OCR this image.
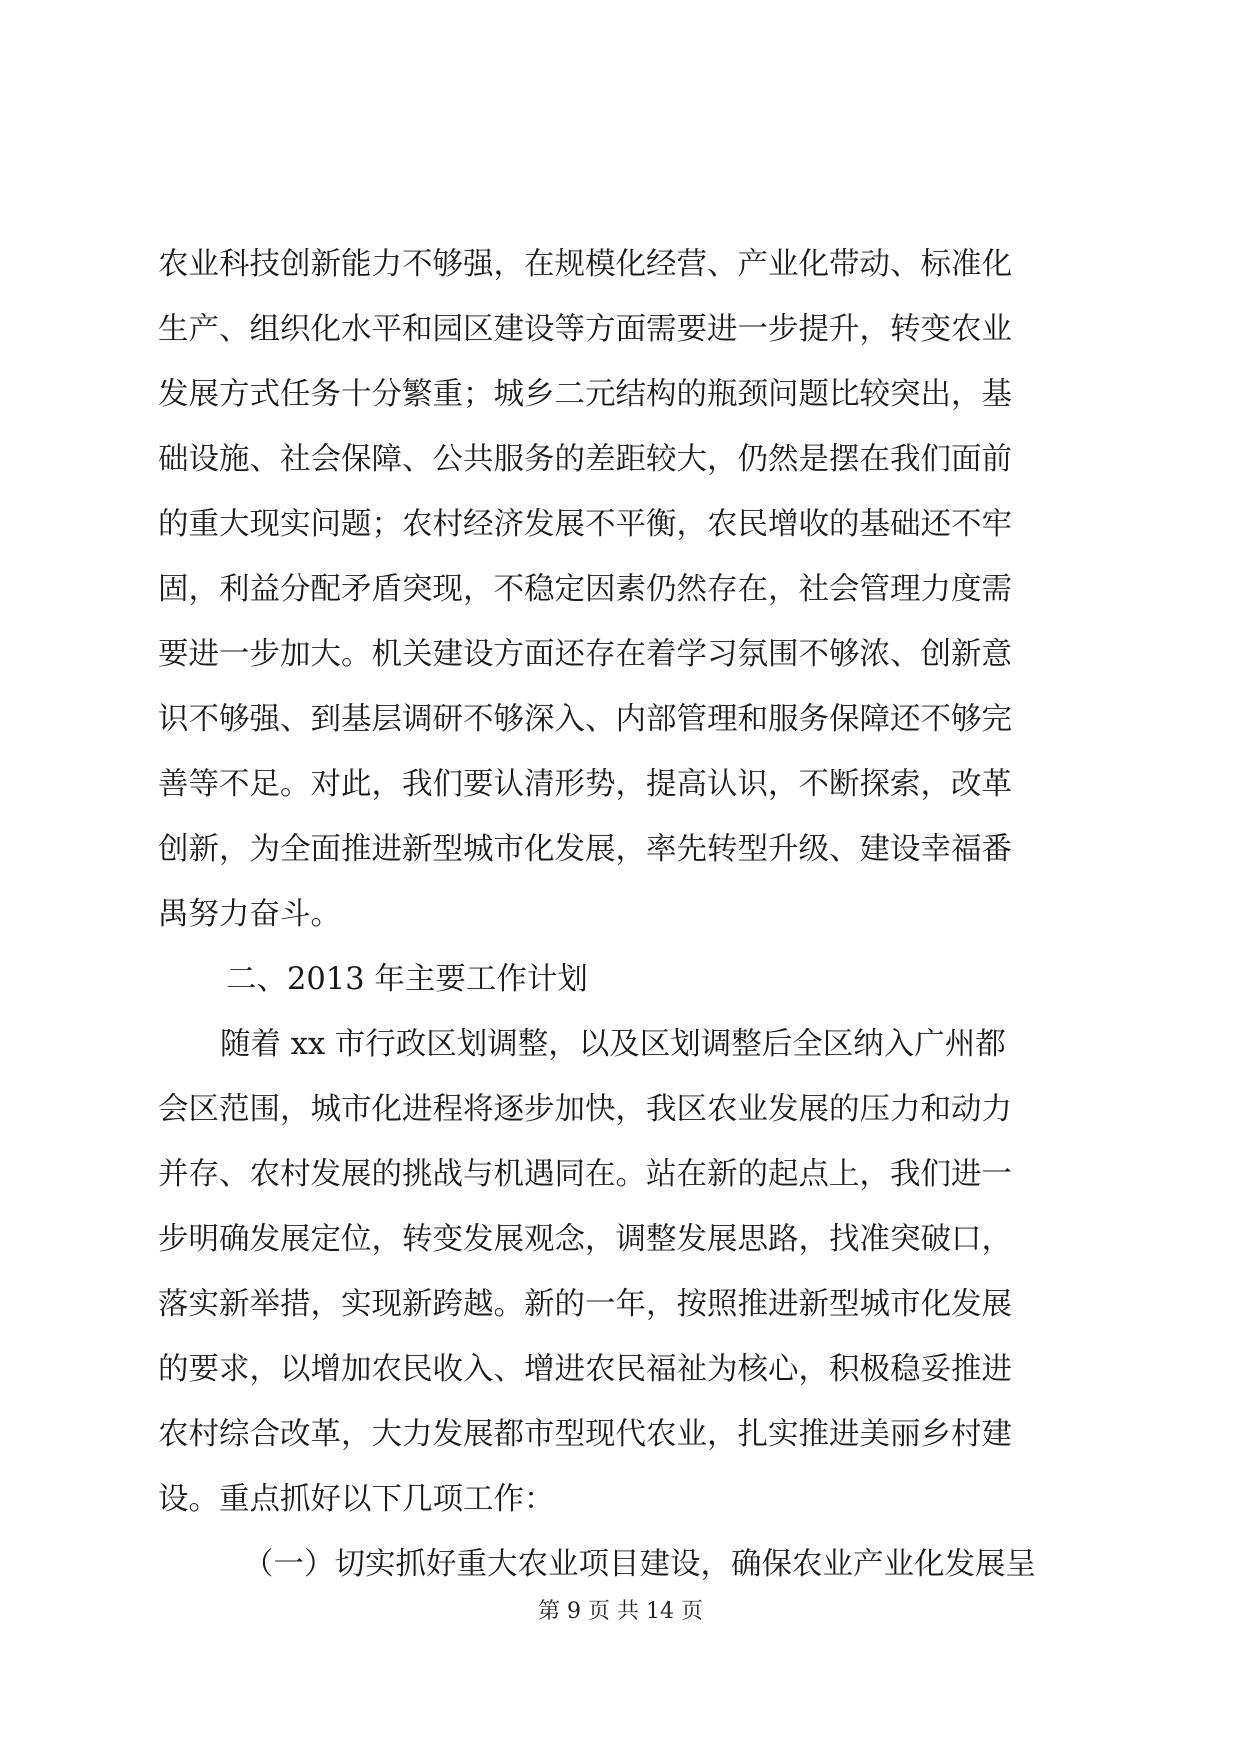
农业科技创新能力不够强，在规模化经营、产业化带动、标准化
生产、组织化水平和园区建设等方面需要进一步提升，转变农业
发展方式任务十分繁重；城乡二元结构的瓶颈问题比较突出，基
础设施、社会保障、公共服务的差距较大，仍然是摆在我们面前
的重大现实问题；农村经济发展不平衡，农民增收的基础还不牢
固，利益分配矛盾突现，不稳定因素仍然存在，社会管理力度需
要进一步加大。机关建设方面还存在着学习氛围不够浓、创新意
识不够强、到基层调研不够深入、内部管理和服务保障还不够完
善等不足。对此，我们要认清形势，提高认识，不断探索，改革
创新，为全面推进新型城市化发展，率先转型升级、建设幸福番
禺努力奋斗。
二、2013 年主要工作计划
随着 xx 市行政区划调整，以及区划调整后全区纳入广州都
会区范围，城市化进程将逐步加快，我区农业发展的压力和动力
并存、农村发展的挑战与机遇同在。站在新的起点上，我们进一
步明确发展定位，转变发展观念，调整发展思路，找准突破口，
落实新举措，实现新跨越。新的一年，按照推进新型城市化发展
的要求，以增加农民收入、增进农民福祉为核心，积极稳妥推进
农村综合改革，大力发展都市型现代农业，扎实推进美丽乡村建
设。重点抓好以下几项工作：
（一）切实抓好重大农业项目建设，确保农业产业化发展呈
第 9 页 共 14 页
